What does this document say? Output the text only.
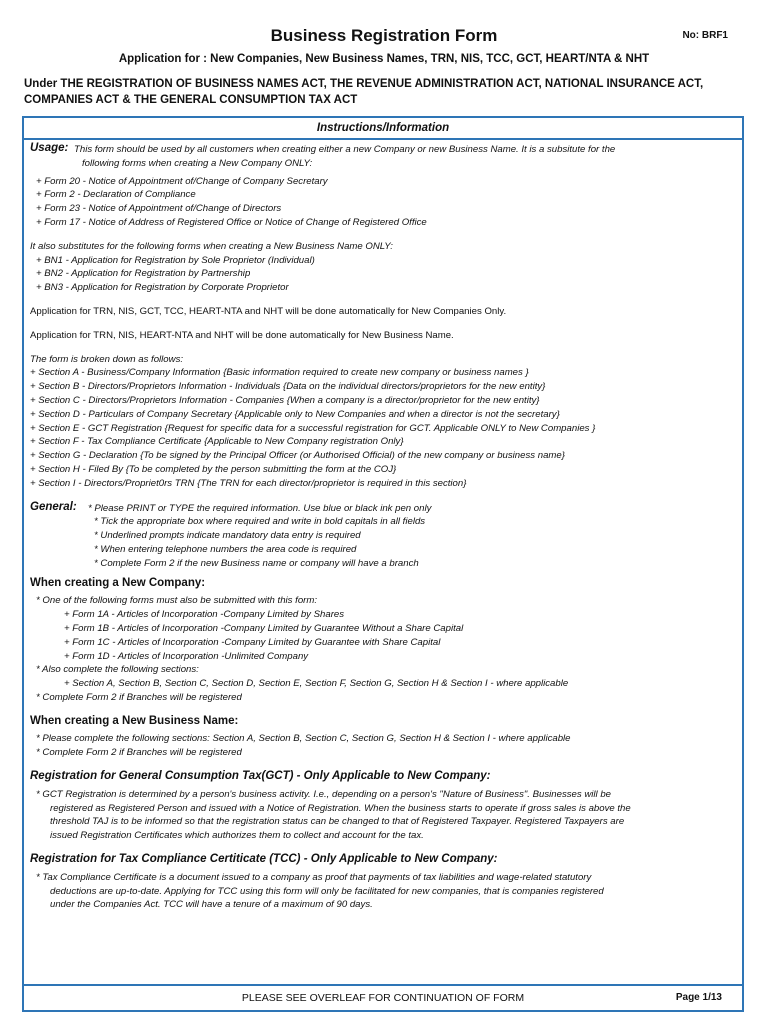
Business Registration Form	No: BRF1
Application for : New Companies, New Business Names, TRN, NIS, TCC, GCT, HEART/NTA & NHT
Under THE REGISTRATION OF BUSINESS NAMES ACT, THE REVENUE ADMINISTRATION ACT, NATIONAL INSURANCE ACT,
COMPANIES ACT & THE GENERAL CONSUMPTION TAX ACT
Instructions/Information
Usage: This form should be used by all customers when creating either a new Company or new Business Name. It is a subsitute for the
following forms when creating a New Company ONLY:
+ Form 20 - Notice of Appointment of/Change of Company Secretary
+ Form 2 - Declaration of Compliance
+ Form 23 - Notice of Appointment of/Change of Directors
+ Form 17 - Notice of Address of Registered Office or Notice of Change of Registered Office
It also substitutes for the following forms when creating a New Business Name ONLY:
+ BN1 - Application for Registration by Sole Proprietor (Individual)
+ BN2 - Application for Registration by Partnership
+ BN3 - Application for Registration by Corporate Proprietor
Application for TRN, NIS, GCT, TCC, HEART-NTA and NHT will be done automatically for New Companies Only.
Application for TRN, NIS, HEART-NTA and NHT will be done automatically for New Business Name.
The form is broken down as follows:
+ Section A - Business/Company Information {Basic information required to create new company or business names }
+ Section B - Directors/Proprietors Information - Individuals {Data on the individual directors/proprietors for the new entity}
+ Section C - Directors/Proprietors Information - Companies {When a company is a director/proprietor for the new entity}
+ Section D - Particulars of Company Secretary {Applicable only to New Companies and when a director is not the secretary}
+ Section E - GCT Registration {Request for specific data for a successful registration for GCT. Applicable ONLY to New Companies }
+ Section F - Tax Compliance Certificate {Applicable to New Company registration Only}
+ Section G - Declaration {To be signed by the Principal Officer (or Authorised Official) of the new company or business name}
+ Section H - Filed By {To be completed by the person submitting the form at the COJ}
+ Section I - Directors/Propriet0rs TRN {The TRN for each director/proprietor is required in this section}
General:	* Please PRINT or TYPE the required information. Use blue or black ink pen only
* Tick the appropriate box where required and write in bold capitals in all fields
* Underlined prompts indicate mandatory data entry is required
* When entering telephone numbers the area code is required
* Complete Form 2 if the new Business name or company will have a branch
When creating a New Company:
* One of the following forms must also be submitted with this form:
+ Form 1A - Articles of Incorporation -Company Limited by Shares
+ Form 1B - Articles of Incorporation -Company Limited by Guarantee Without a Share Capital
+ Form 1C - Articles of Incorporation -Company Limited by Guarantee with Share Capital
+ Form 1D - Articles of Incorporation -Unlimited Company
* Also complete the following sections:
+ Section A, Section B, Section C, Section D, Section E, Section F, Section G, Section H & Section I - where applicable
* Complete Form 2 if Branches will be registered
When creating a New Business Name:
* Please complete the following sections: Section A, Section B, Section C, Section G, Section H & Section I - where applicable
* Complete Form 2 if Branches will be registered
Registration for General Consumption Tax(GCT) - Only Applicable to New Company:
* GCT Registration is determined by a person's business activity. I.e., depending on a person's "Nature of Business". Businesses will be
registered as Registered Person and issued with a Notice of Registration. When the business starts to operate if gross sales is above the
threshold TAJ is to be informed so that the registration status can be changed to that of Registered Taxpayer. Registered Taxpayers are
issued Registration Certificates which authorizes them to collect and account for the tax.
Registration for Tax Compliance Certiticate (TCC) - Only Applicable to New Company:
* Tax Compliance Certificate is a document issued to a company as proof that payments of tax liabilities and wage-related statutory
deductions are up-to-date. Applying for TCC using this form will only be facilitated for new companies, that is companies registered
under the Companies Act. TCC will have a tenure of a maximum of 90 days.
PLEASE SEE OVERLEAF FOR CONTINUATION OF FORM	Page 1/13
